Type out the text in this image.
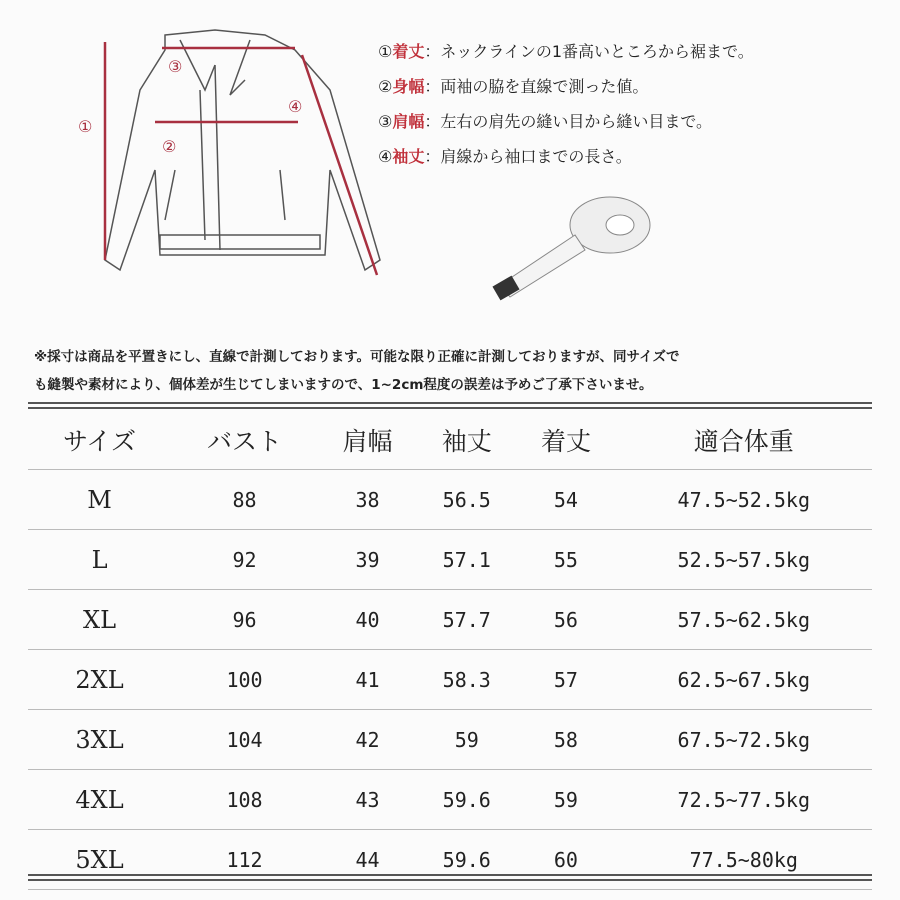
①
②
③
④
①着丈：ネックラインの1番高いところから裾まで。
②身幅：両袖の脇を直線で測った値。
③肩幅：左右の肩先の縫い目から縫い目まで。
④袖丈：肩線から袖口までの長さ。
※採寸は商品を平置きにし、直線で計測しております。可能な限り正確に計測しておりますが、同サイズで
も縫製や素材により、個体差が生じてしまいますので、1~2cm程度の誤差は予めご了承下さいませ。
サイズ	バスト	肩幅	袖丈	着丈	適合体重
M	88	38	56.5	54	47.5~52.5kg
L	92	39	57.1	55	52.5~57.5kg
XL	96	40	57.7	56	57.5~62.5kg
2XL	100	41	58.3	57	62.5~67.5kg
3XL	104	42	59	58	67.5~72.5kg
4XL	108	43	59.6	59	72.5~77.5kg
5XL	112	44	59.6	60	77.5~80kg
